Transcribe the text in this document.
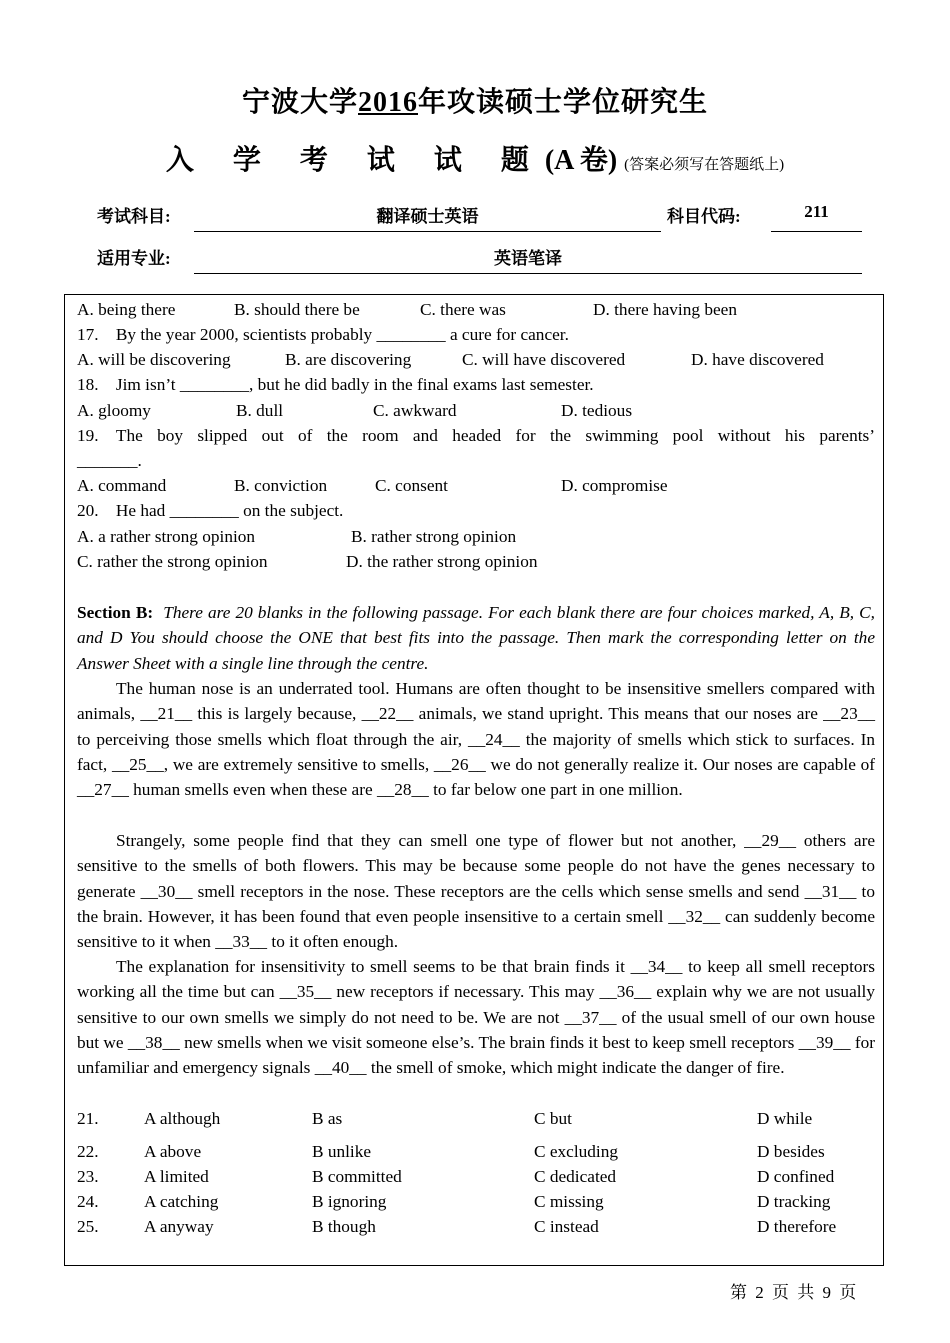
宁波大学2016年攻读硕士学位研究生
入 学 考 试 试 题(A 卷) (答案必须写在答题纸上)
考试科目:	翻译硕士英语	科目代码:	211
适用专业:	英语笔译
A. being there	B. should there be	C. there was	D. there having been
17. By the year 2000, scientists probably ________ a cure for cancer.
A. will be discovering	B. are discovering	C. will have discovered	D. have discovered
18. Jim isn’t ________, but he did badly in the final exams last semester.
A. gloomy	B. dull	C. awkward	D. tedious
19. The boy slipped out of the room and headed for the swimming pool without his parents’
_______.
A. command	B. conviction	C. consent	D. compromise
20. He had ________ on the subject.
A. a rather strong opinion	B. rather strong opinion
C. rather the strong opinion	D. the rather strong opinion
Section B: There are 20 blanks in the following passage. For each blank there are four choices marked, A, B, C, and D You should choose the ONE that best fits into the passage. Then mark the corresponding letter on the Answer Sheet with a single line through the centre.
The human nose is an underrated tool. Humans are often thought to be insensitive smellers compared with animals, __21__ this is largely because, __22__ animals, we stand upright. This means that our noses are __23__ to perceiving those smells which float through the air, __24__ the majority of smells which stick to surfaces. In fact, __25__, we are extremely sensitive to smells, __26__ we do not generally realize it. Our noses are capable of __27__ human smells even when these are __28__ to far below one part in one million.
Strangely, some people find that they can smell one type of flower but not another, __29__ others are sensitive to the smells of both flowers. This may be because some people do not have the genes necessary to generate __30__ smell receptors in the nose. These receptors are the cells which sense smells and send __31__ to the brain. However, it has been found that even people insensitive to a certain smell __32__ can suddenly become sensitive to it when __33__ to it often enough.
The explanation for insensitivity to smell seems to be that brain finds it __34__ to keep all smell receptors working all the time but can __35__ new receptors if necessary. This may __36__ explain why we are not usually sensitive to our own smells we simply do not need to be. We are not __37__ of the usual smell of our own house but we __38__ new smells when we visit someone else’s. The brain finds it best to keep smell receptors __39__ for unfamiliar and emergency signals __40__ the smell of smoke, which might indicate the danger of fire.
21.	A although	B as	C but	D while
22.	A above	B unlike	C excluding	D besides
23.	A limited	B committed	C dedicated	D confined
24.	A catching	B ignoring	C missing	D tracking
25.	A anyway	B though	C instead	D therefore
第 2 页 共 9 页
